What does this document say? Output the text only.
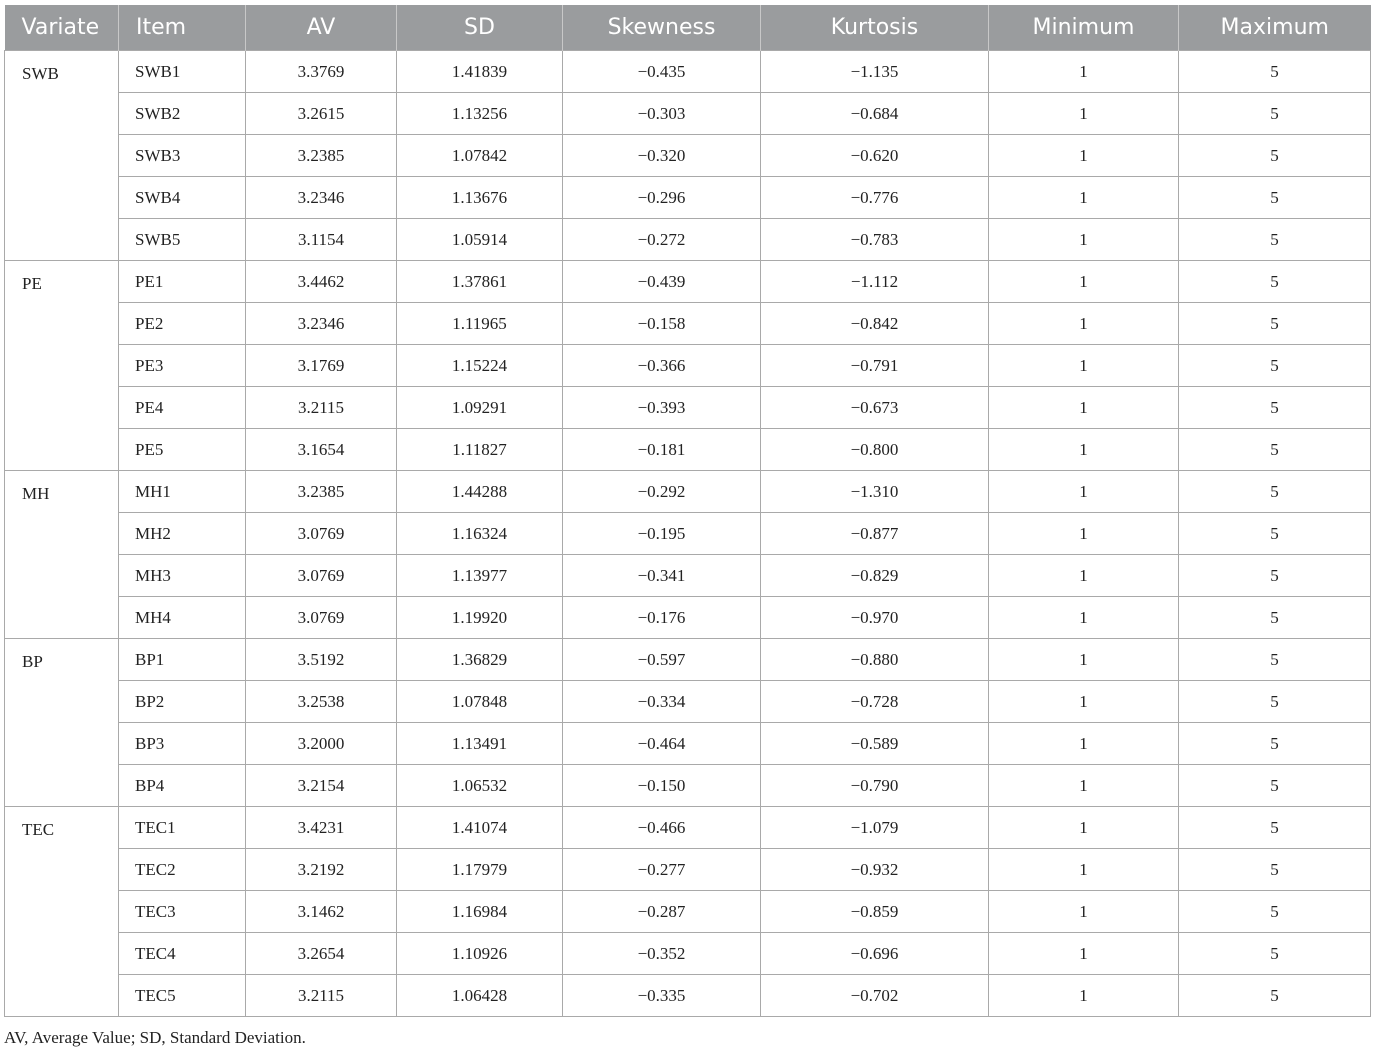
Variate	Item	AV	SD	Skewness	Kurtosis	Minimum	Maximum
SWB	SWB1	3.3769	1.41839	−0.435	−1.135	1	5
	SWB2	3.2615	1.13256	−0.303	−0.684	1	5
	SWB3	3.2385	1.07842	−0.320	−0.620	1	5
	SWB4	3.2346	1.13676	−0.296	−0.776	1	5
	SWB5	3.1154	1.05914	−0.272	−0.783	1	5
PE	PE1	3.4462	1.37861	−0.439	−1.112	1	5
	PE2	3.2346	1.11965	−0.158	−0.842	1	5
	PE3	3.1769	1.15224	−0.366	−0.791	1	5
	PE4	3.2115	1.09291	−0.393	−0.673	1	5
	PE5	3.1654	1.11827	−0.181	−0.800	1	5
MH	MH1	3.2385	1.44288	−0.292	−1.310	1	5
	MH2	3.0769	1.16324	−0.195	−0.877	1	5
	MH3	3.0769	1.13977	−0.341	−0.829	1	5
	MH4	3.0769	1.19920	−0.176	−0.970	1	5
BP	BP1	3.5192	1.36829	−0.597	−0.880	1	5
	BP2	3.2538	1.07848	−0.334	−0.728	1	5
	BP3	3.2000	1.13491	−0.464	−0.589	1	5
	BP4	3.2154	1.06532	−0.150	−0.790	1	5
TEC	TEC1	3.4231	1.41074	−0.466	−1.079	1	5
	TEC2	3.2192	1.17979	−0.277	−0.932	1	5
	TEC3	3.1462	1.16984	−0.287	−0.859	1	5
	TEC4	3.2654	1.10926	−0.352	−0.696	1	5
	TEC5	3.2115	1.06428	−0.335	−0.702	1	5
AV, Average Value; SD, Standard Deviation.
